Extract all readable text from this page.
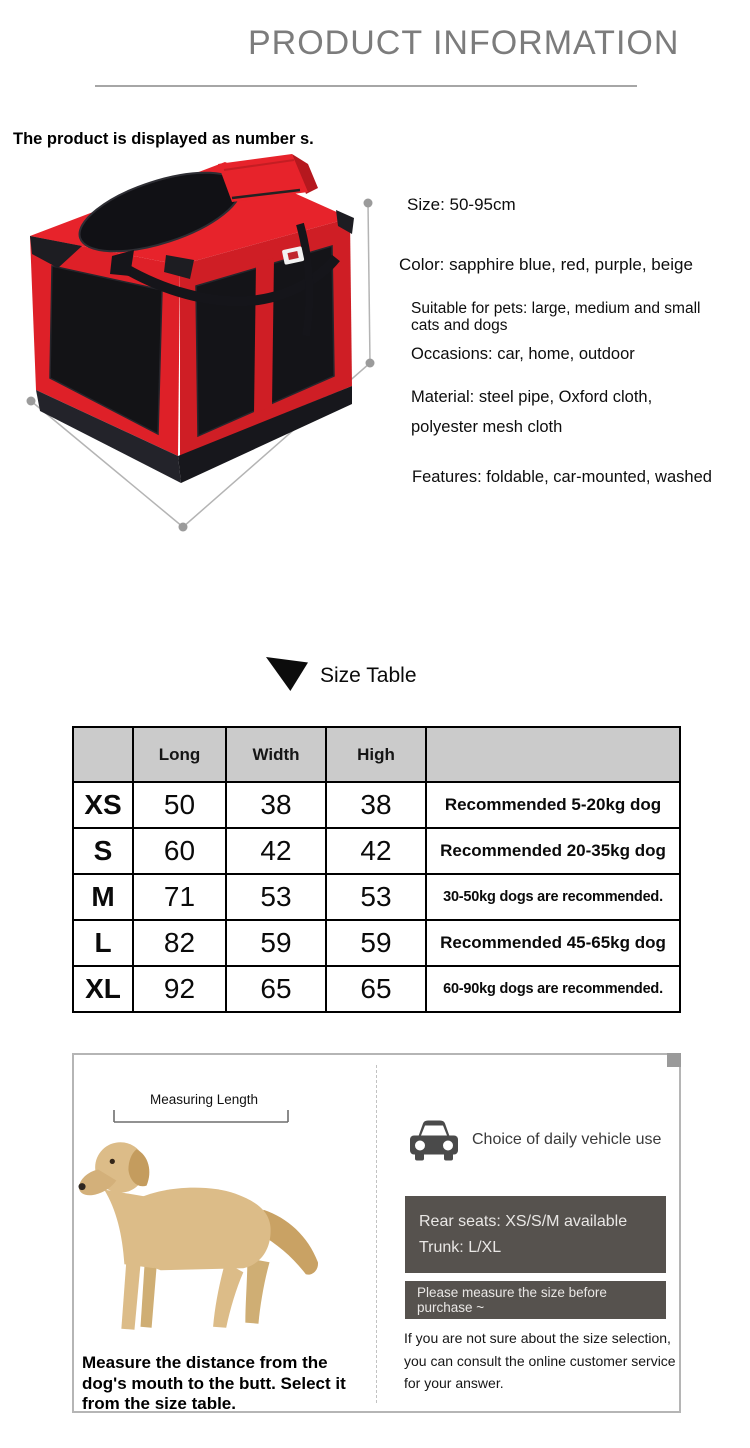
PRODUCT INFORMATION
The product is displayed as number s.
Size: 50-95cm
Color: sapphire blue, red, purple, beige
Suitable for pets: large, medium and small cats and dogs
Occasions: car, home, outdoor
Material: steel pipe, Oxford cloth,
polyester mesh cloth
Features: foldable, car-mounted, washed
Size Table
	Long	Width	High	
XS	50	38	38	Recommended 5-20kg dog
S	60	42	42	Recommended 20-35kg dog
M	71	53	53	30-50kg dogs are recommended.
L	82	59	59	Recommended 45-65kg dog
XL	92	65	65	60-90kg dogs are recommended.
Measuring Length
Measure the distance from the dog's mouth to the butt. Select it from the size table.
Choice of daily vehicle use
Rear seats: XS/S/M available
Trunk: L/XL
Please measure the size before purchase ~
If you are not sure about the size selection, you can consult the online customer service for your answer.
